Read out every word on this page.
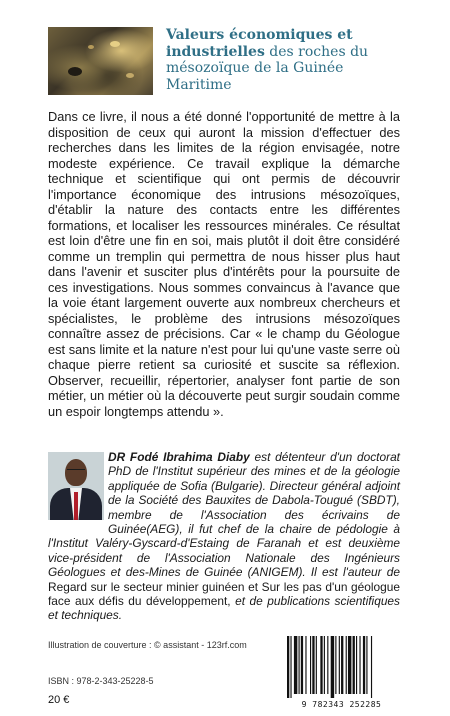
Valeurs économiques et industrielles des roches du mésozoïque de la Guinée Maritime

Dans ce livre, il nous a été donné l'opportunité de mettre à la disposition de ceux qui auront la mission d'effectuer des recherches dans les limites de la région envisagée, notre modeste expérience. Ce travail explique la démarche technique et scientifique qui ont permis de découvrir l'importance économique des intrusions mésozoïques, d'établir la nature des contacts entre les différentes formations, et localiser les ressources minérales. Ce résultat est loin d'être une fin en soi, mais plutôt il doit être considéré comme un tremplin qui permettra de nous hisser plus haut dans l'avenir et susciter plus d'intérêts pour la poursuite de ces investigations. Nous sommes convaincus à l'avance que la voie étant largement ouverte aux nombreux chercheurs et spécialistes, le problème des intrusions mésozoïques connaître assez de précisions. Car « le champ du Géologue est sans limite et la nature n'est pour lui qu'une vaste serre où chaque pierre retient sa curiosité et suscite sa réflexion. Observer, recueillir, répertorier, analyser font partie de son métier, un métier où la découverte peut surgir soudain comme un espoir longtemps attendu ».

DR Fodé Ibrahima Diaby est détenteur d'un doctorat PhD de l'Institut supérieur des mines et de la géologie appliquée de Sofia (Bulgarie). Directeur général adjoint de la Société des Bauxites de Dabola-Tougué (SBDT), membre de l'Association des écrivains de Guinée(AEG), il fut chef de la chaire de pédologie à l'Institut Valéry-Gyscard-d'Estaing de Faranah et est deuxième vice-président de l'Association Nationale des Ingénieurs Géologues et des-Mines de Guinée (ANIGEM). Il est l'auteur de Regard sur le secteur minier guinéen et Sur les pas d'un géologue face aux défis du développement, et de publications scientifiques et techniques.

Illustration de couverture : © assistant - 123rf.com
ISBN : 978-2-343-25228-5
20 €	9 782343 252285
